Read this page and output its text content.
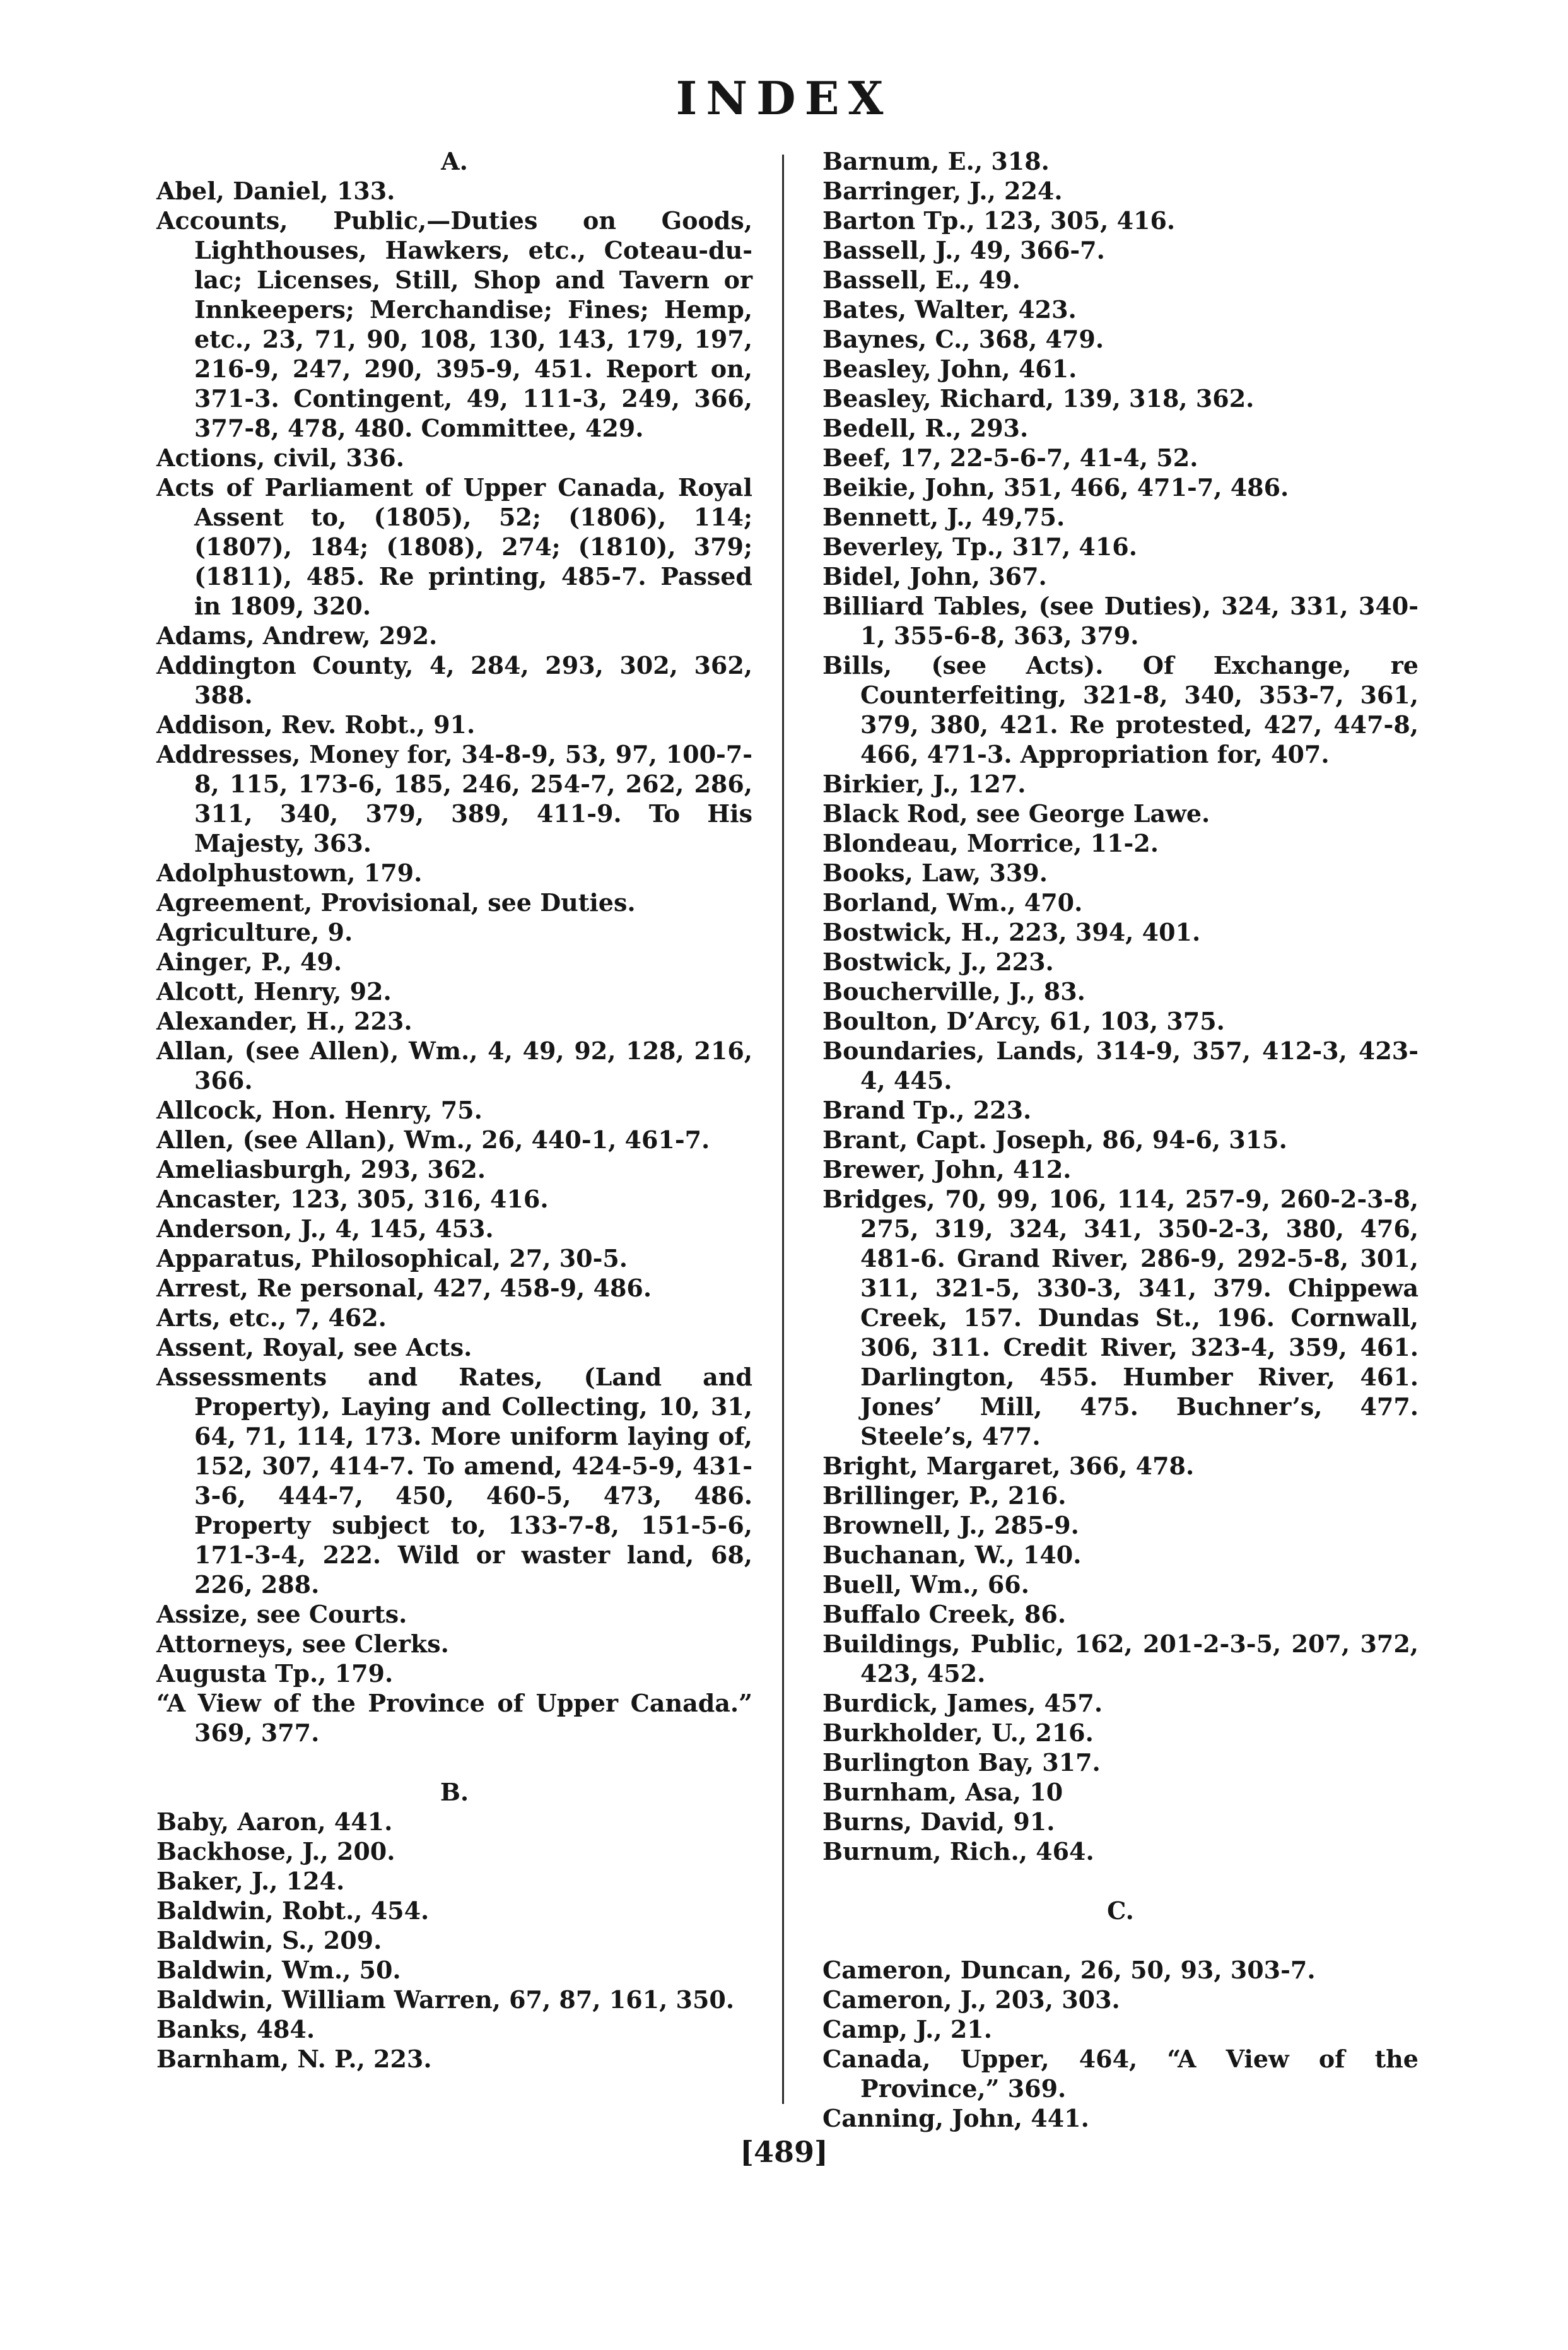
INDEX
A.
Abel, Daniel, 133.
Accounts, Public,—Duties on Goods, Lighthouses, Hawkers, etc., Coteau-du-lac; Licenses, Still, Shop and Tavern or Innkeepers; Merchandise; Fines; Hemp, etc., 23, 71, 90, 108, 130, 143, 179, 197, 216-9, 247, 290, 395-9, 451. Report on, 371-3. Contingent, 49, 111-3, 249, 366, 377-8, 478, 480. Committee, 429.
Actions, civil, 336.
Acts of Parliament of Upper Canada, Royal Assent to, (1805), 52; (1806), 114; (1807), 184; (1808), 274; (1810), 379; (1811), 485. Re printing, 485-7. Passed in 1809, 320.
Adams, Andrew, 292.
Addington County, 4, 284, 293, 302, 362, 388.
Addison, Rev. Robt., 91.
Addresses, Money for, 34-8-9, 53, 97, 100-7-8, 115, 173-6, 185, 246, 254-7, 262, 286, 311, 340, 379, 389, 411-9. To His Majesty, 363.
Adolphustown, 179.
Agreement, Provisional, see Duties.
Agriculture, 9.
Ainger, P., 49.
Alcott, Henry, 92.
Alexander, H., 223.
Allan, (see Allen), Wm., 4, 49, 92, 128, 216, 366.
Allcock, Hon. Henry, 75.
Allen, (see Allan), Wm., 26, 440-1, 461-7.
Ameliasburgh, 293, 362.
Ancaster, 123, 305, 316, 416.
Anderson, J., 4, 145, 453.
Apparatus, Philosophical, 27, 30-5.
Arrest, Re personal, 427, 458-9, 486.
Arts, etc., 7, 462.
Assent, Royal, see Acts.
Assessments and Rates, (Land and Property), Laying and Collecting, 10, 31, 64, 71, 114, 173. More uniform laying of, 152, 307, 414-7. To amend, 424-5-9, 431-3-6, 444-7, 450, 460-5, 473, 486. Property subject to, 133-7-8, 151-5-6, 171-3-4, 222. Wild or waster land, 68, 226, 288.
Assize, see Courts.
Attorneys, see Clerks.
Augusta Tp., 179.
“A View of the Province of Upper Canada.” 369, 377.
B.
Baby, Aaron, 441.
Backhose, J., 200.
Baker, J., 124.
Baldwin, Robt., 454.
Baldwin, S., 209.
Baldwin, Wm., 50.
Baldwin, William Warren, 67, 87, 161, 350.
Banks, 484.
Barnham, N. P., 223.
Barnum, E., 318.
Barringer, J., 224.
Barton Tp., 123, 305, 416.
Bassell, J., 49, 366-7.
Bassell, E., 49.
Bates, Walter, 423.
Baynes, C., 368, 479.
Beasley, John, 461.
Beasley, Richard, 139, 318, 362.
Bedell, R., 293.
Beef, 17, 22-5-6-7, 41-4, 52.
Beikie, John, 351, 466, 471-7, 486.
Bennett, J., 49,75.
Beverley, Tp., 317, 416.
Bidel, John, 367.
Billiard Tables, (see Duties), 324, 331, 340-1, 355-6-8, 363, 379.
Bills, (see Acts). Of Exchange, re Counterfeiting, 321-8, 340, 353-7, 361, 379, 380, 421. Re protested, 427, 447-8, 466, 471-3. Appropriation for, 407.
Birkier, J., 127.
Black Rod, see George Lawe.
Blondeau, Morrice, 11-2.
Books, Law, 339.
Borland, Wm., 470.
Bostwick, H., 223, 394, 401.
Bostwick, J., 223.
Boucherville, J., 83.
Boulton, D’Arcy, 61, 103, 375.
Boundaries, Lands, 314-9, 357, 412-3, 423-4, 445.
Brand Tp., 223.
Brant, Capt. Joseph, 86, 94-6, 315.
Brewer, John, 412.
Bridges, 70, 99, 106, 114, 257-9, 260-2-3-8, 275, 319, 324, 341, 350-2-3, 380, 476, 481-6. Grand River, 286-9, 292-5-8, 301, 311, 321-5, 330-3, 341, 379. Chippewa Creek, 157. Dundas St., 196. Cornwall, 306, 311. Credit River, 323-4, 359, 461. Darlington, 455. Humber River, 461. Jones’ Mill, 475. Buchner’s, 477. Steele’s, 477.
Bright, Margaret, 366, 478.
Brillinger, P., 216.
Brownell, J., 285-9.
Buchanan, W., 140.
Buell, Wm., 66.
Buffalo Creek, 86.
Buildings, Public, 162, 201-2-3-5, 207, 372, 423, 452.
Burdick, James, 457.
Burkholder, U., 216.
Burlington Bay, 317.
Burnham, Asa, 10
Burns, David, 91.
Burnum, Rich., 464.
C.
Cameron, Duncan, 26, 50, 93, 303-7.
Cameron, J., 203, 303.
Camp, J., 21.
Canada, Upper, 464, “A View of the Province,” 369.
Canning, John, 441.
[489]
